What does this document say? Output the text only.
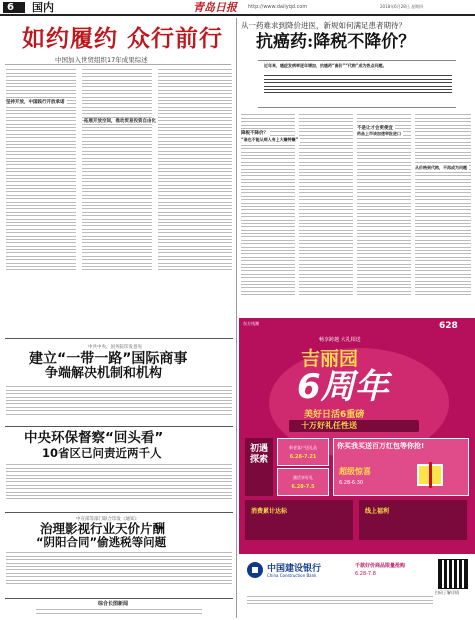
6 国内	青岛日报 http://www.dailyqd.com	2018年6月28日 星期四
如约履约 众行前行
中国加入世贸组织17年成果综述
坚持开放，中国践行开放承诺
拓展开放空间，推动贸易投资自由化
中共中央、国务院印发意见
建立“一带一路”国际商事
争端解决机制和机构
中央环保督察“回头看”
10省区已问责近两千人
中宣部等部门联合印发《通知》
治理影视行业天价片酬
“阴阳合同”偷逃税等问题
综合长图新闻
从一药难求到降价进医，新规如何满足患者期待？
抗癌药:降税不降价？
近年来，癌症发病率逐年增加，抗癌药“高价”“代购”成为热点问题。
降税不降价？
“谁也不能从病人身上大赚特赚”
不是让才会更便宜
药品上市该加速审批进口
从价格到代购，不再成为问题
东方钱潮	628
畅享跨越 大礼相送
吉丽园
6周年
美好日活6重磅
十万好礼任性送
初遇探索
新老客户送礼品
6.28-7.21
激活享好礼
6.28-7.5
你买我买送百万红包等你抢!
超级惊喜
6.28-6.30
消费累计达标	线上福利
中国建设银行
China Construction Bank
扫码了解详情
千款好价商品限量抢购
6.28-7.8
